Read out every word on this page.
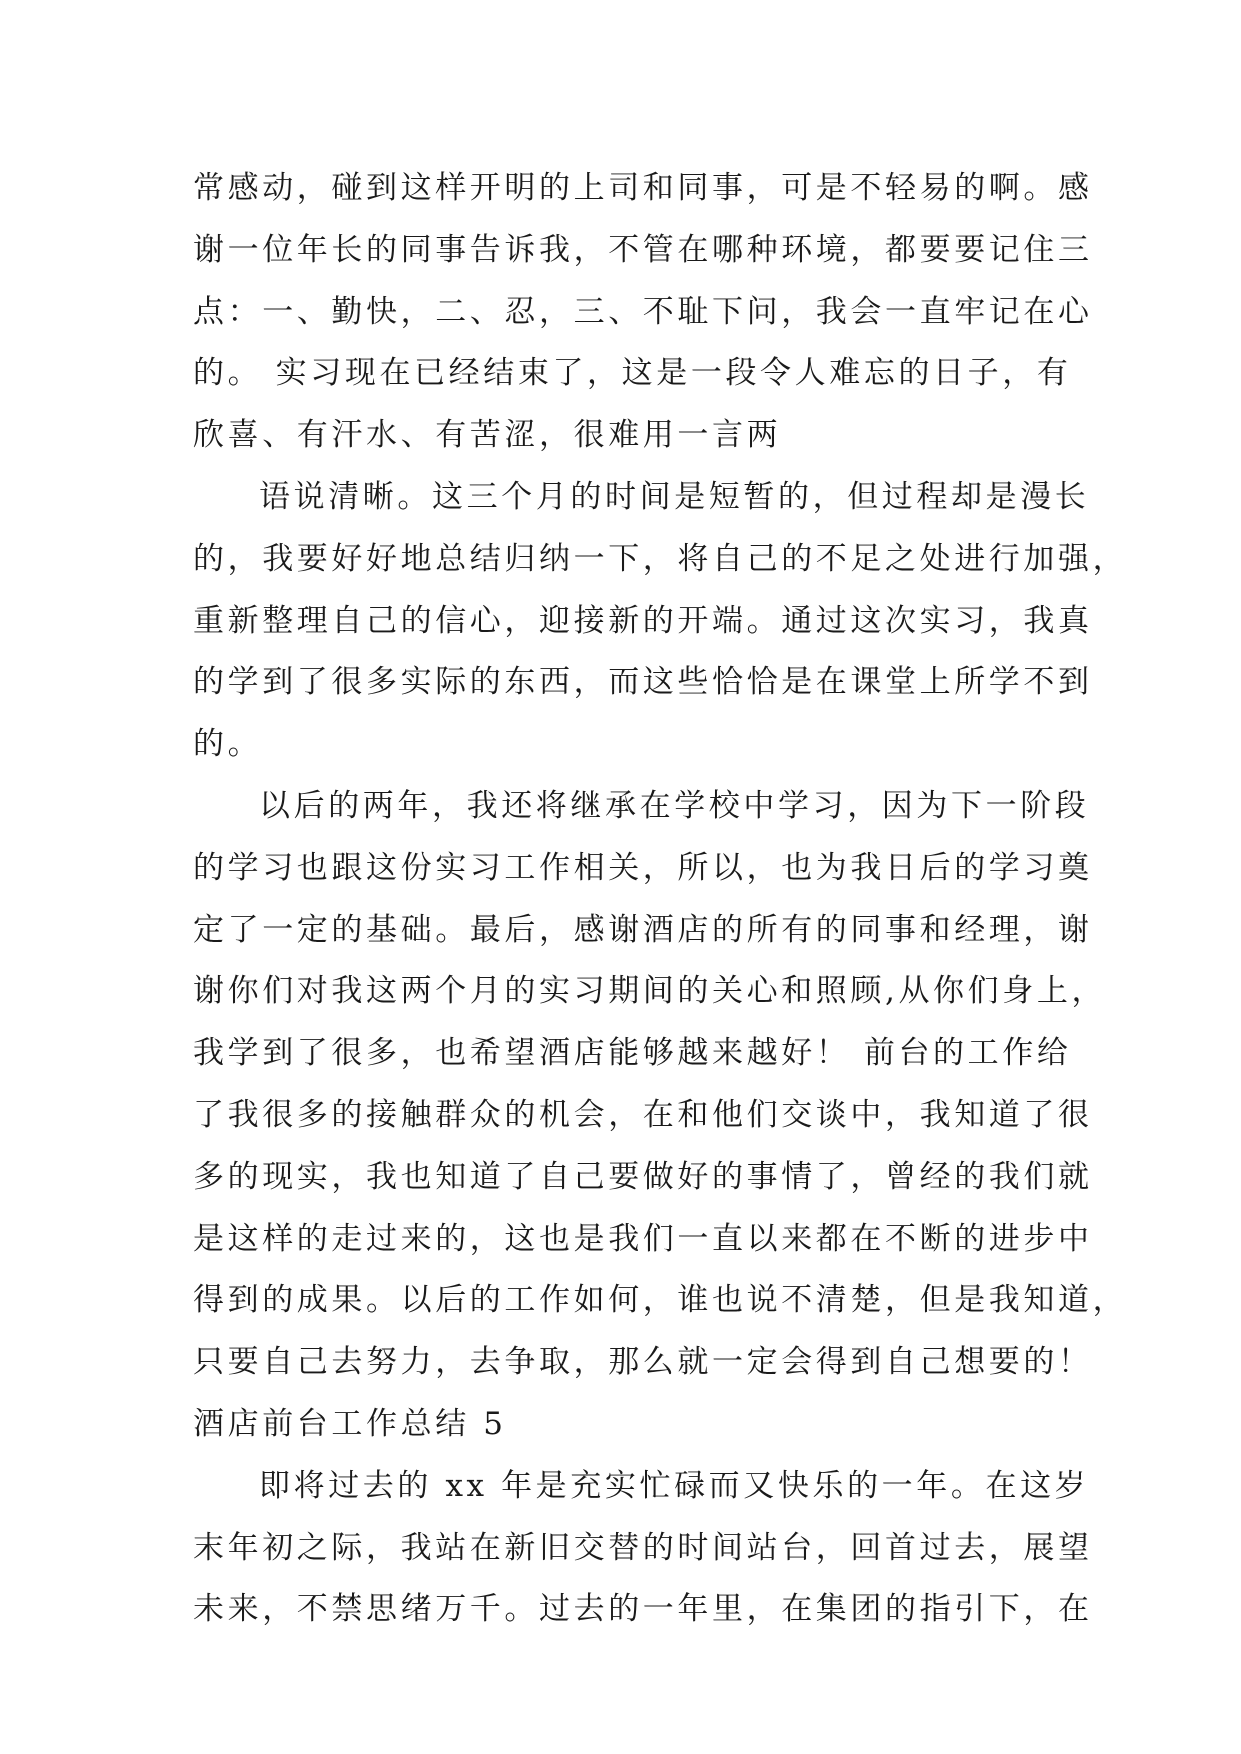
常感动，碰到这样开明的上司和同事，可是不轻易的啊。感
谢一位年长的同事告诉我，不管在哪种环境，都要要记住三
点：一、勤快，二、忍，三、不耻下问，我会一直牢记在心
的。 实习现在已经结束了，这是一段令人难忘的日子，有
欣喜、有汗水、有苦涩，很难用一言两
语说清晰。这三个月的时间是短暂的，但过程却是漫长
的，我要好好地总结归纳一下，将自己的不足之处进行加强，
重新整理自己的信心，迎接新的开端。通过这次实习，我真
的学到了很多实际的东西，而这些恰恰是在课堂上所学不到
的。
以后的两年，我还将继承在学校中学习，因为下一阶段
的学习也跟这份实习工作相关，所以，也为我日后的学习奠
定了一定的基础。最后，感谢酒店的所有的同事和经理，谢
谢你们对我这两个月的实习期间的关心和照顾,从你们身上，
我学到了很多，也希望酒店能够越来越好！ 前台的工作给
了我很多的接触群众的机会，在和他们交谈中，我知道了很
多的现实，我也知道了自己要做好的事情了，曾经的我们就
是这样的走过来的，这也是我们一直以来都在不断的进步中
得到的成果。以后的工作如何，谁也说不清楚，但是我知道，
只要自己去努力，去争取，那么就一定会得到自己想要的！
酒店前台工作总结 5
即将过去的 xx 年是充实忙碌而又快乐的一年。在这岁
末年初之际，我站在新旧交替的时间站台，回首过去，展望
未来，不禁思绪万千。过去的一年里，在集团的指引下，在
